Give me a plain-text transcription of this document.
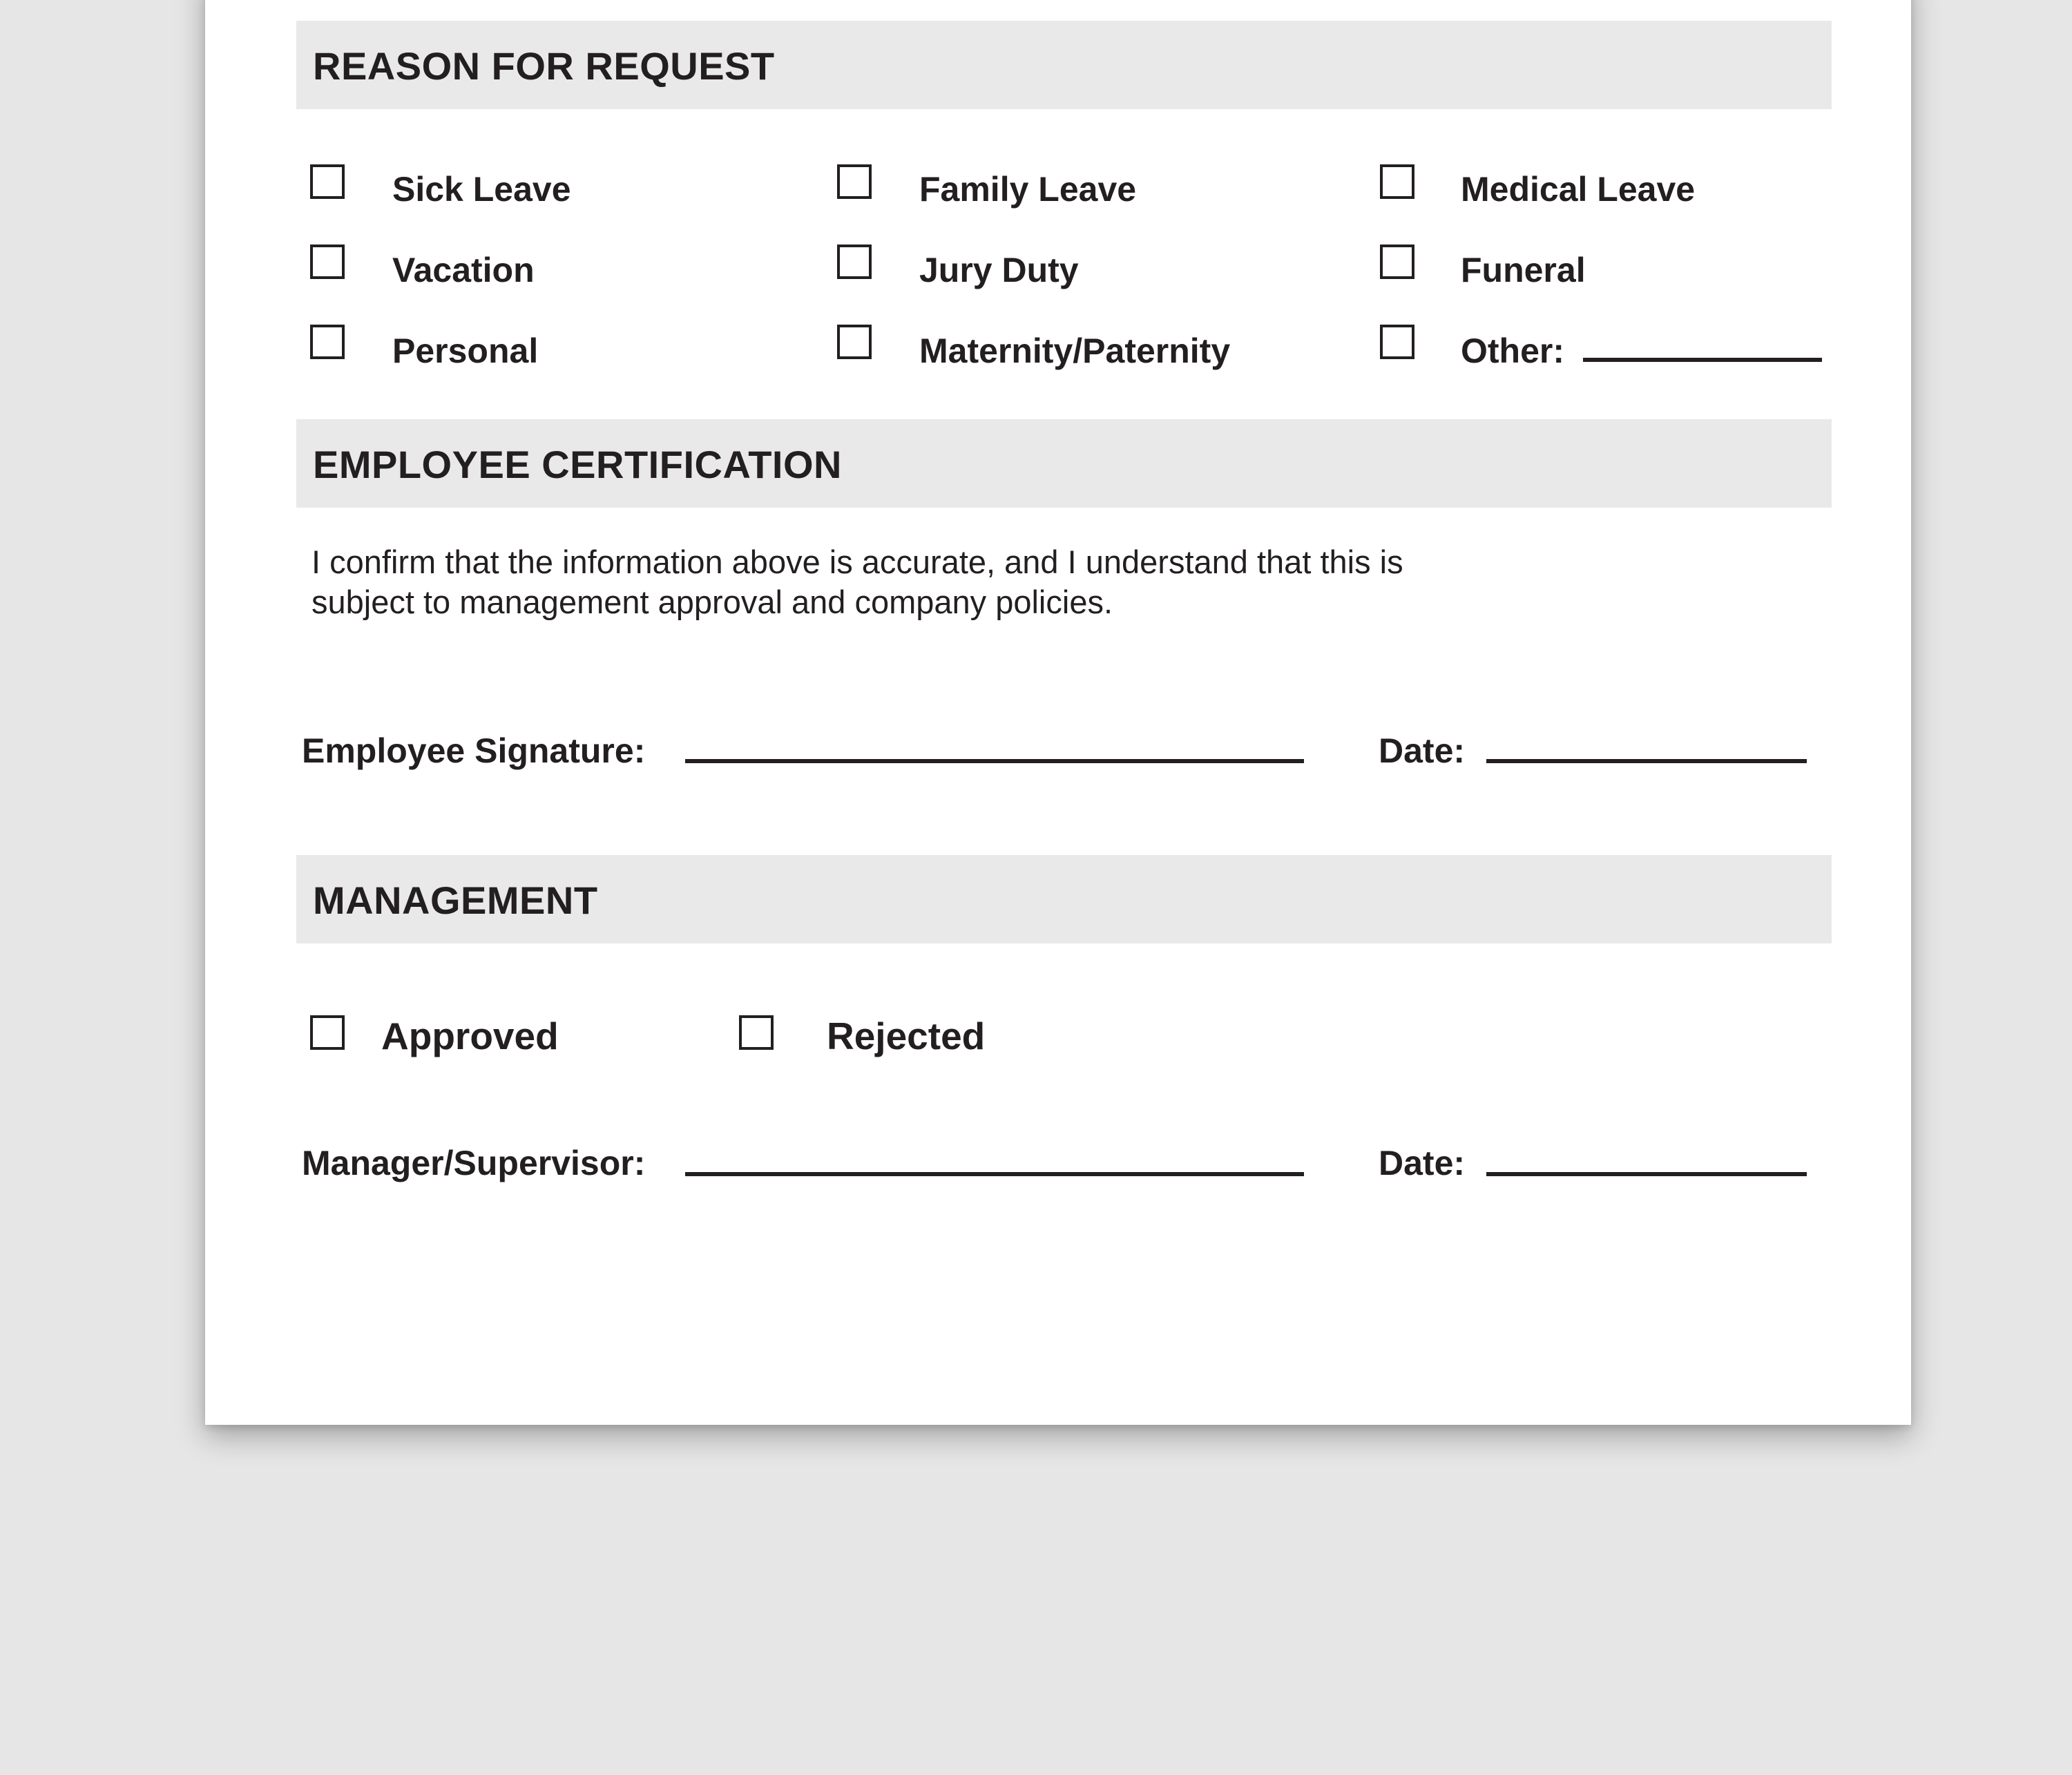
REASON FOR REQUEST
Sick Leave	Family Leave	Medical Leave
Vacation	Jury Duty	Funeral
Personal	Maternity/Paternity	Other:
EMPLOYEE CERTIFICATION
I confirm that the information above is accurate, and I understand that this is
subject to management approval and company policies.
Employee Signature:	Date:
MANAGEMENT
Approved	Rejected
Manager/Supervisor:	Date:
